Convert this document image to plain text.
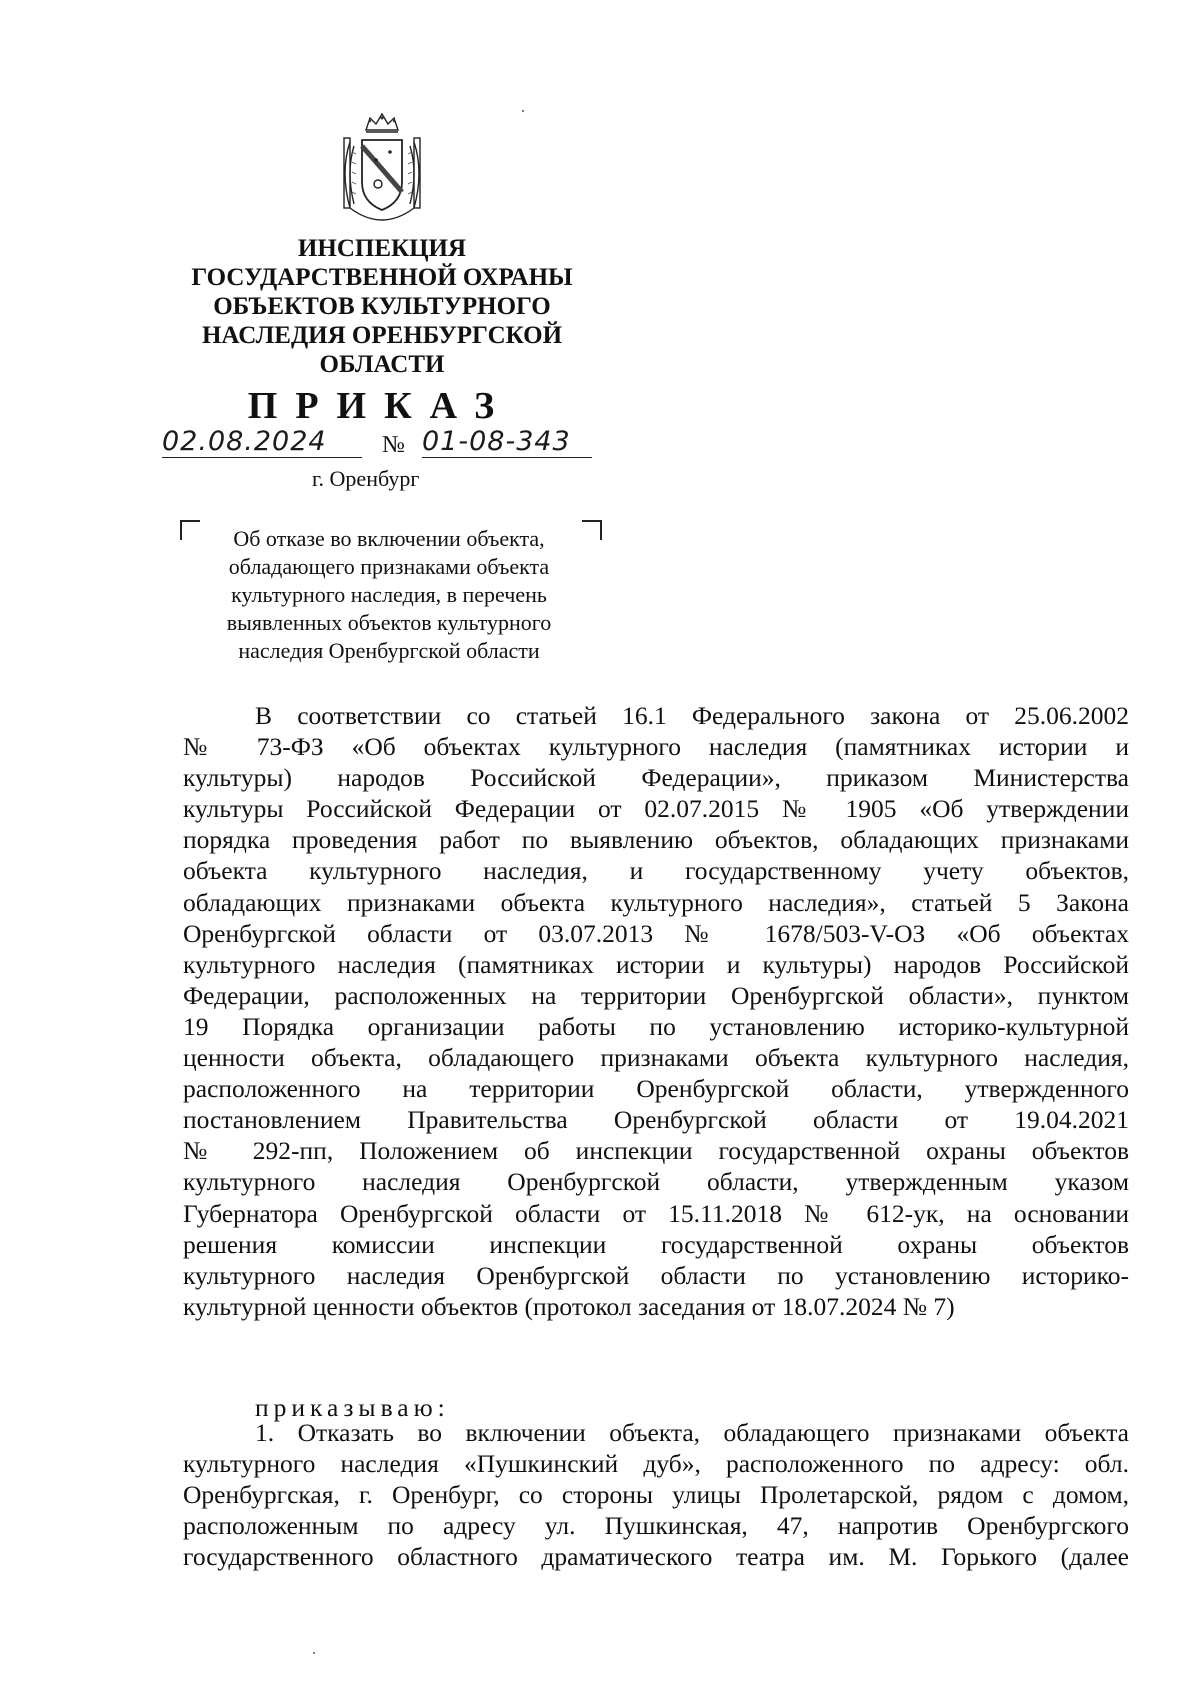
ИНСПЕКЦИЯ
ГОСУДАРСТВЕННОЙ ОХРАНЫ
ОБЪЕКТОВ КУЛЬТУРНОГО
НАСЛЕДИЯ ОРЕНБУРГСКОЙ
ОБЛАСТИ
ПРИКАЗ
02.08.2024	№ 01-08-343
г. Оренбург
Об отказе во включении объекта,
обладающего признаками объекта
культурного наследия, в перечень
выявленных объектов культурного
наследия Оренбургской области
В соответствии со статьей 16.1 Федерального закона от 25.06.2002
№ 73-ФЗ «Об объектах культурного наследия (памятниках истории и
культуры) народов Российской Федерации», приказом Министерства
культуры Российской Федерации от 02.07.2015 № 1905 «Об утверждении
порядка проведения работ по выявлению объектов, обладающих признаками
объекта культурного наследия, и государственному учету объектов,
обладающих признаками объекта культурного наследия», статьей 5 Закона
Оренбургской области от 03.07.2013 № 1678/503-V-ОЗ «Об объектах
культурного наследия (памятниках истории и культуры) народов Российской
Федерации, расположенных на территории Оренбургской области», пунктом
19 Порядка организации работы по установлению историко-культурной
ценности объекта, обладающего признаками объекта культурного наследия,
расположенного на территории Оренбургской области, утвержденного
постановлением Правительства Оренбургской области от 19.04.2021
№ 292-пп, Положением об инспекции государственной охраны объектов
культурного наследия Оренбургской области, утвержденным указом
Губернатора Оренбургской области от 15.11.2018 № 612-ук, на основании
решения комиссии инспекции государственной охраны объектов
культурного наследия Оренбургской области по установлению историко-
культурной ценности объектов (протокол заседания от 18.07.2024 № 7)
приказываю:
1. Отказать во включении объекта, обладающего признаками объекта
культурного наследия «Пушкинский дуб», расположенного по адресу: обл.
Оренбургская, г. Оренбург, со стороны улицы Пролетарской, рядом с домом,
расположенным по адресу ул. Пушкинская, 47, напротив Оренбургского
государственного областного драматического театра им. М. Горького (далее
